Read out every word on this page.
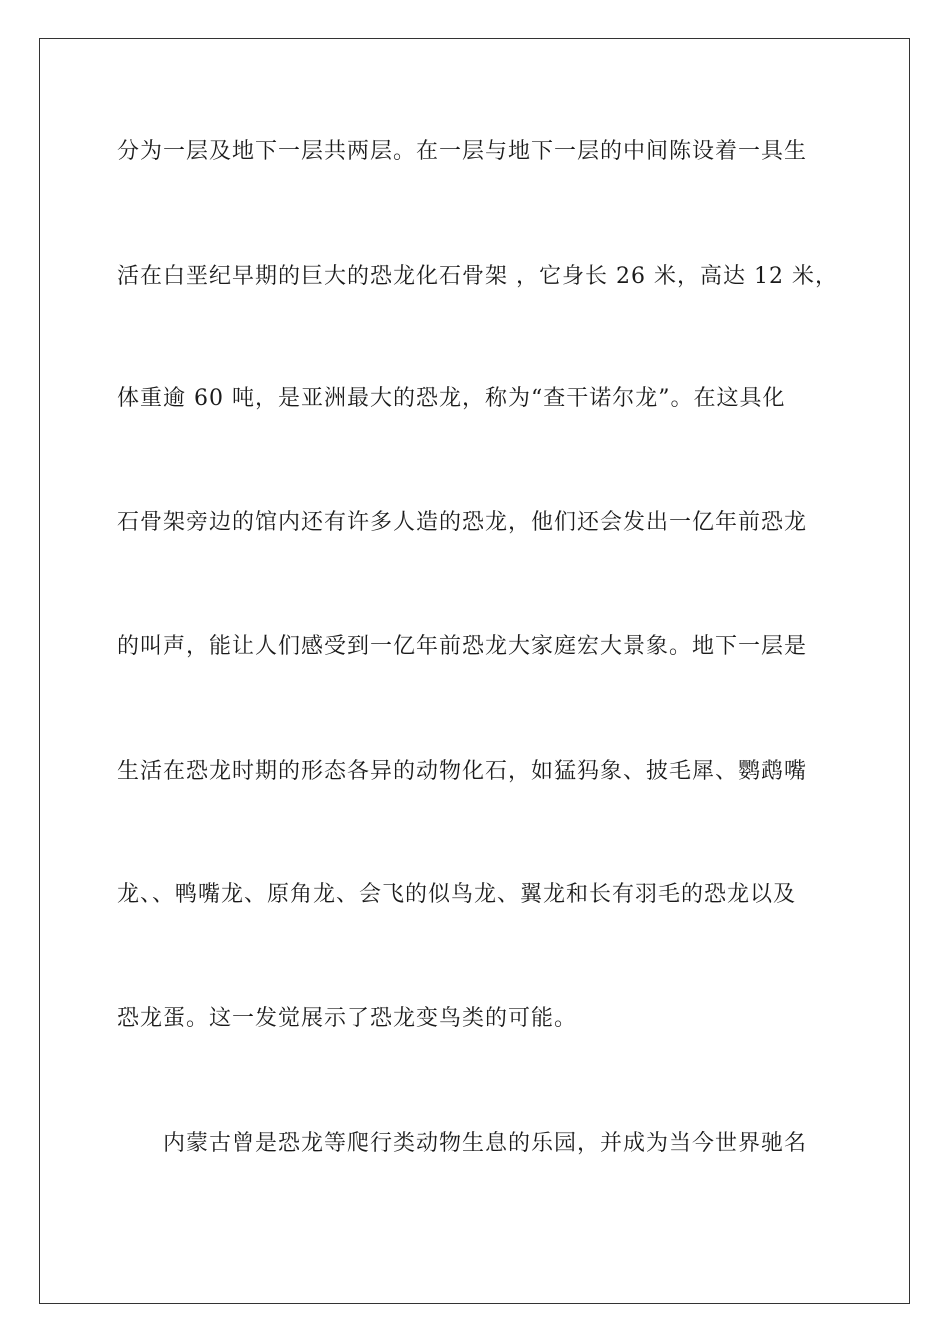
分为一层及地下一层共两层。在一层与地下一层的中间陈设着一具生
活在白垩纪早期的巨大的恐龙化石骨架 ，它身长 26 米，高达 12 米，
体重逾 60 吨，是亚洲最大的恐龙，称为“查干诺尔龙”。在这具化
石骨架旁边的馆内还有许多人造的恐龙，他们还会发出一亿年前恐龙
的叫声，能让人们感受到一亿年前恐龙大家庭宏大景象。地下一层是
生活在恐龙时期的形态各异的动物化石，如猛犸象、披毛犀、鹦鹉嘴
龙、、鸭嘴龙、原角龙、会飞的似鸟龙、翼龙和长有羽毛的恐龙以及
恐龙蛋。这一发觉展示了恐龙变鸟类的可能。
内蒙古曾是恐龙等爬行类动物生息的乐园，并成为当今世界驰名
